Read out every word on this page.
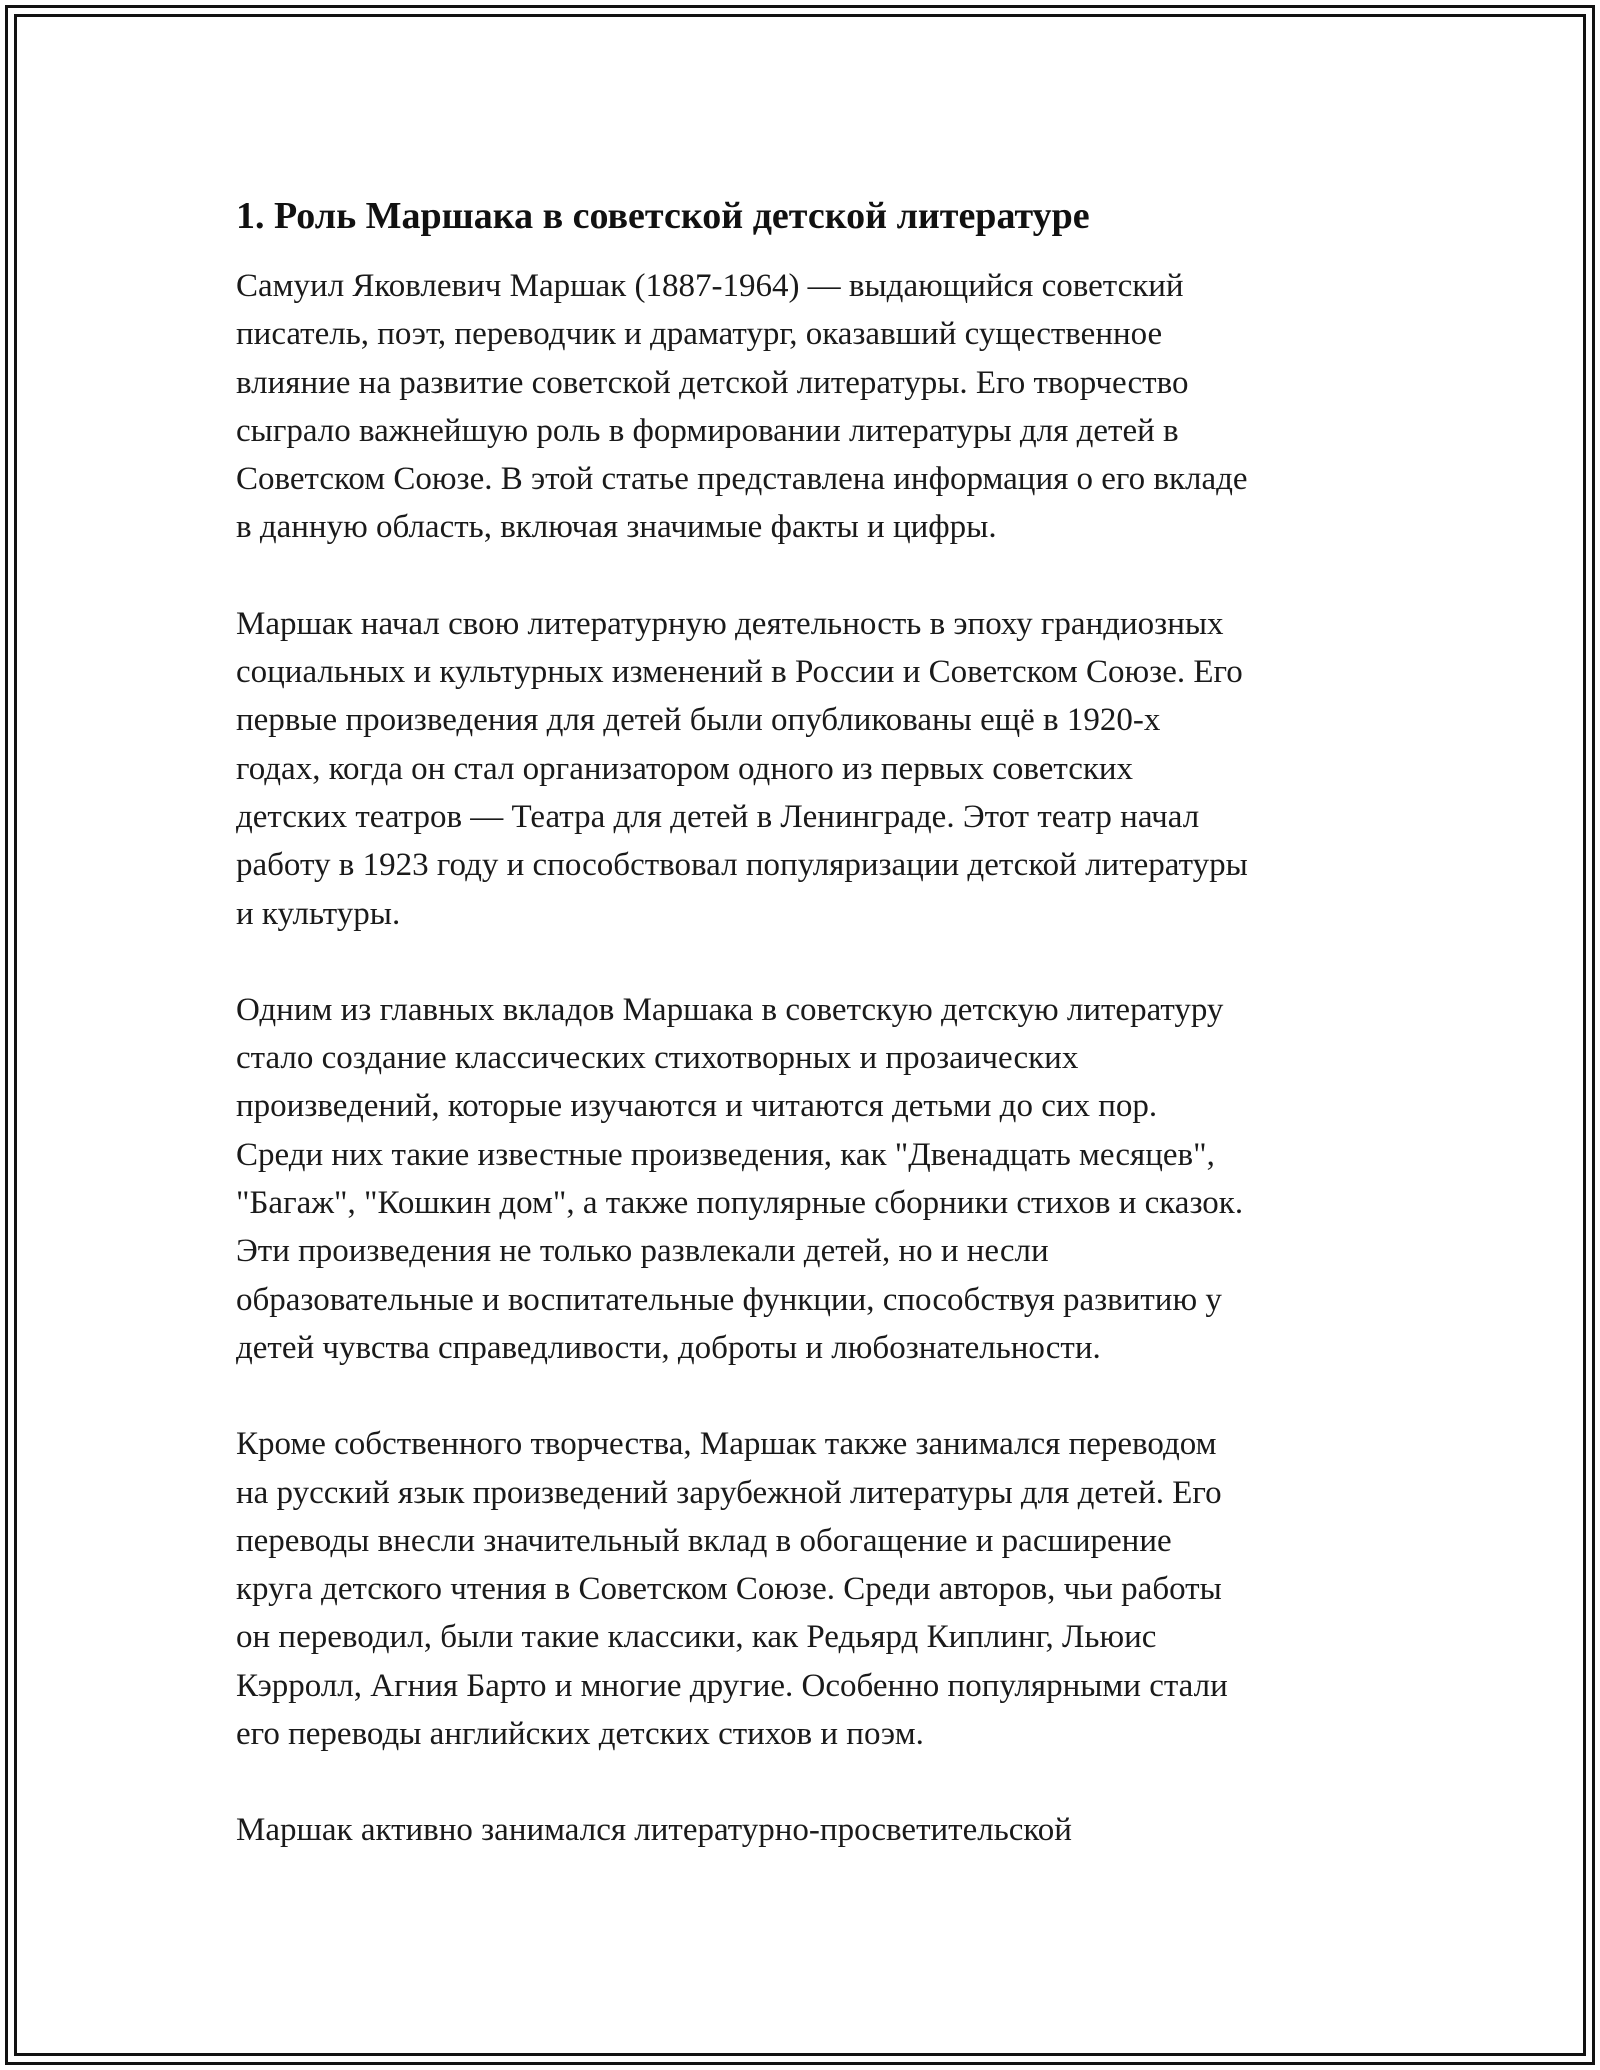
1. Роль Маршака в советской детской литературе

Самуил Яковлевич Маршак (1887-1964) — выдающийся советский
писатель, поэт, переводчик и драматург, оказавший существенное
влияние на развитие советской детской литературы. Его творчество
сыграло важнейшую роль в формировании литературы для детей в
Советском Союзе. В этой статье представлена информация о его вкладе
в данную область, включая значимые факты и цифры.

Маршак начал свою литературную деятельность в эпоху грандиозных
социальных и культурных изменений в России и Советском Союзе. Его
первые произведения для детей были опубликованы ещё в 1920-х
годах, когда он стал организатором одного из первых советских
детских театров — Театра для детей в Ленинграде. Этот театр начал
работу в 1923 году и способствовал популяризации детской литературы
и культуры.

Одним из главных вкладов Маршака в советскую детскую литературу
стало создание классических стихотворных и прозаических
произведений, которые изучаются и читаются детьми до сих пор.
Среди них такие известные произведения, как "Двенадцать месяцев",
"Багаж", "Кошкин дом", а также популярные сборники стихов и сказок.
Эти произведения не только развлекали детей, но и несли
образовательные и воспитательные функции, способствуя развитию у
детей чувства справедливости, доброты и любознательности.

Кроме собственного творчества, Маршак также занимался переводом
на русский язык произведений зарубежной литературы для детей. Его
переводы внесли значительный вклад в обогащение и расширение
круга детского чтения в Советском Союзе. Среди авторов, чьи работы
он переводил, были такие классики, как Редьярд Киплинг, Льюис
Кэрролл, Агния Барто и многие другие. Особенно популярными стали
его переводы английских детских стихов и поэм.

Маршак активно занимался литературно-просветительской
